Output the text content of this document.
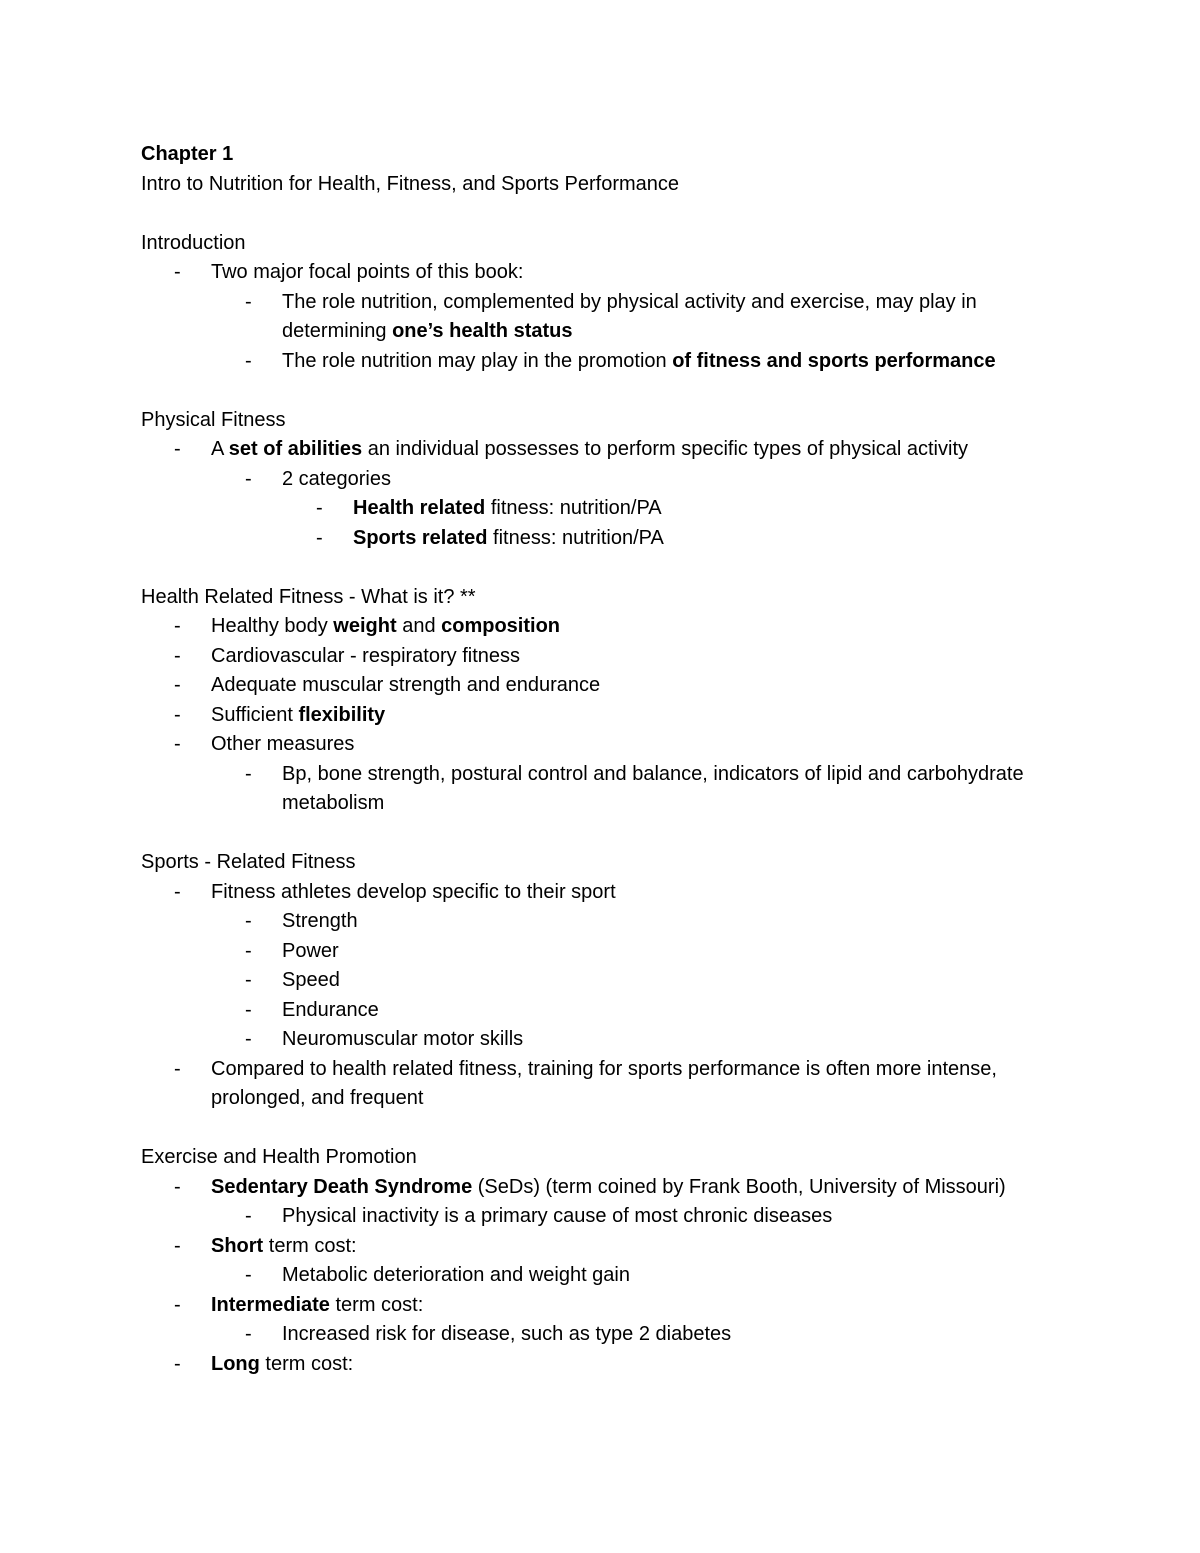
Chapter 1
Intro to Nutrition for Health, Fitness, and Sports Performance
Introduction
- Two major focal points of this book:
- The role nutrition, complemented by physical activity and exercise, may play in determining one’s health status
- The role nutrition may play in the promotion of fitness and sports performance
Physical Fitness
- A set of abilities an individual possesses to perform specific types of physical activity
- 2 categories
- Health related fitness: nutrition/PA
- Sports related fitness: nutrition/PA
Health Related Fitness - What is it? **
- Healthy body weight and composition
- Cardiovascular - respiratory fitness
- Adequate muscular strength and endurance
- Sufficient flexibility
- Other measures
- Bp, bone strength, postural control and balance, indicators of lipid and carbohydrate metabolism
Sports - Related Fitness
- Fitness athletes develop specific to their sport
- Strength
- Power
- Speed
- Endurance
- Neuromuscular motor skills
- Compared to health related fitness, training for sports performance is often more intense, prolonged, and frequent
Exercise and Health Promotion
- Sedentary Death Syndrome (SeDs) (term coined by Frank Booth, University of Missouri)
- Physical inactivity is a primary cause of most chronic diseases
- Short term cost:
- Metabolic deterioration and weight gain
- Intermediate term cost:
- Increased risk for disease, such as type 2 diabetes
- Long term cost:
